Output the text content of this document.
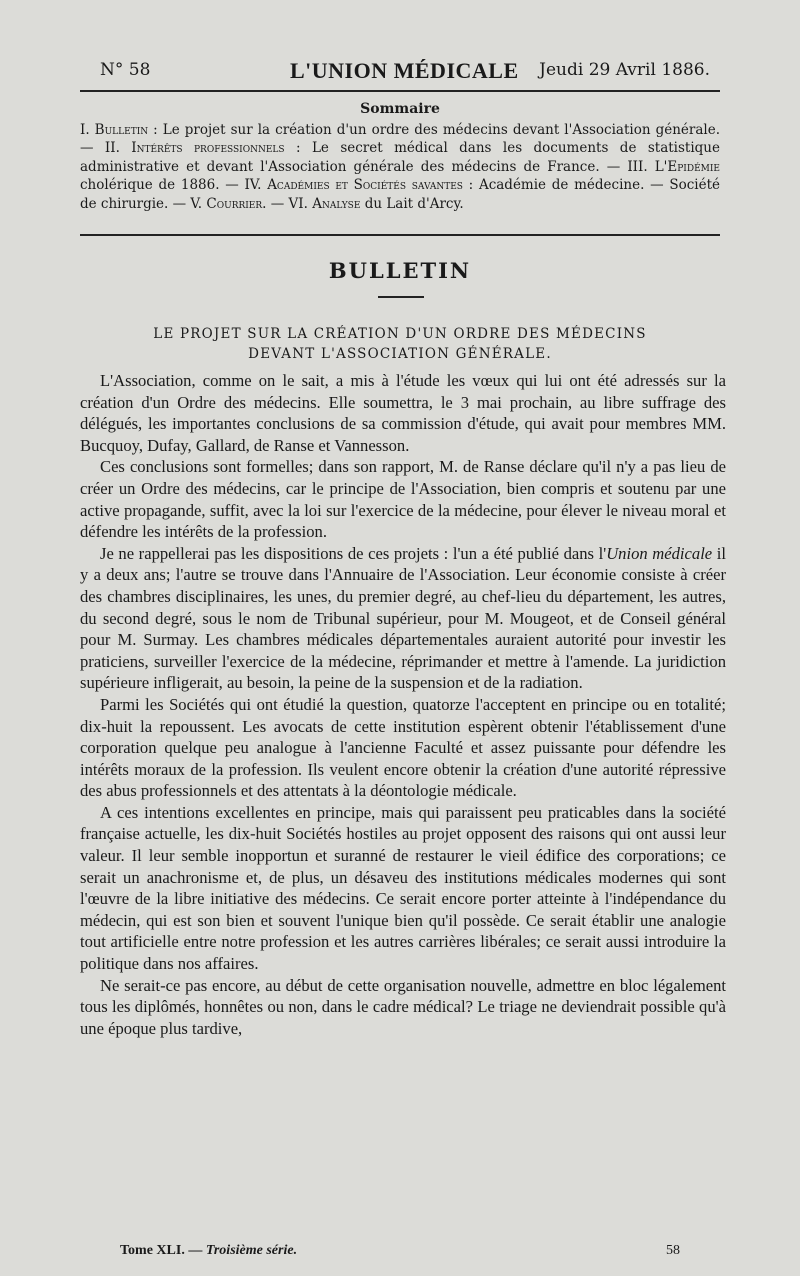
N° 58	L'UNION MÉDICALE Jeudi 29 Avril 1886.
Sommaire

I. Bulletin : Le projet sur la création d'un ordre des médecins devant l'Association générale. — II. Intérêts professionnels : Le secret médical dans les documents de statistique administrative et devant l'Association générale des médecins de France. — III. L'Epidémie cholérique de 1886. — IV. Académies et Sociétés savantes : Académie de médecine. — Société de chirurgie. — V. Courrier. — VI. Analyse du Lait d'Arcy.

BULLETIN
LE PROJET SUR LA CRÉATION D'UN ORDRE DES MÉDECINS
DEVANT L'ASSOCIATION GÉNÉRALE.

L'Association, comme on le sait, a mis à l'étude les vœux qui lui ont été adressés sur la création d'un Ordre des médecins. Elle soumettra, le 3 mai prochain, au libre suffrage des délégués, les importantes conclusions de sa commission d'étude, qui avait pour membres MM. Bucquoy, Dufay, Gallard, de Ranse et Vannesson.

Ces conclusions sont formelles; dans son rapport, M. de Ranse déclare qu'il n'y a pas lieu de créer un Ordre des médecins, car le principe de l'Association, bien compris et soutenu par une active propagande, suffit, avec la loi sur l'exercice de la médecine, pour élever le niveau moral et défendre les intérêts de la profession.

Je ne rappellerai pas les dispositions de ces projets : l'un a été publié dans l'Union médicale il y a deux ans; l'autre se trouve dans l'Annuaire de l'Association. Leur économie consiste à créer des chambres disciplinaires, les unes, du premier degré, au chef-lieu du département, les autres, du second degré, sous le nom de Tribunal supérieur, pour M. Mougeot, et de Conseil général pour M. Surmay. Les chambres médicales départementales auraient autorité pour investir les praticiens, surveiller l'exercice de la médecine, réprimander et mettre à l'amende. La juridiction supérieure infligerait, au besoin, la peine de la suspension et de la radiation.

Parmi les Sociétés qui ont étudié la question, quatorze l'acceptent en principe ou en totalité; dix-huit la repoussent. Les avocats de cette institution espèrent obtenir l'établissement d'une corporation quelque peu analogue à l'ancienne Faculté et assez puissante pour défendre les intérêts moraux de la profession. Ils veulent encore obtenir la création d'une autorité répressive des abus professionnels et des attentats à la déontologie médicale.

A ces intentions excellentes en principe, mais qui paraissent peu praticables dans la société française actuelle, les dix-huit Sociétés hostiles au projet opposent des raisons qui ont aussi leur valeur. Il leur semble inopportun et suranné de restaurer le vieil édifice des corporations; ce serait un anachronisme et, de plus, un désaveu des institutions médicales modernes qui sont l'œuvre de la libre initiative des médecins. Ce serait encore porter atteinte à l'indépendance du médecin, qui est son bien et souvent l'unique bien qu'il possède. Ce serait établir une analogie tout artificielle entre notre profession et les autres carrières libérales; ce serait aussi introduire la politique dans nos affaires.

Ne serait-ce pas encore, au début de cette organisation nouvelle, admettre en bloc légalement tous les diplômés, honnêtes ou non, dans le cadre médical? Le triage ne deviendrait possible qu'à une époque plus tardive,

Tome XLI. — Troisième série.	58
